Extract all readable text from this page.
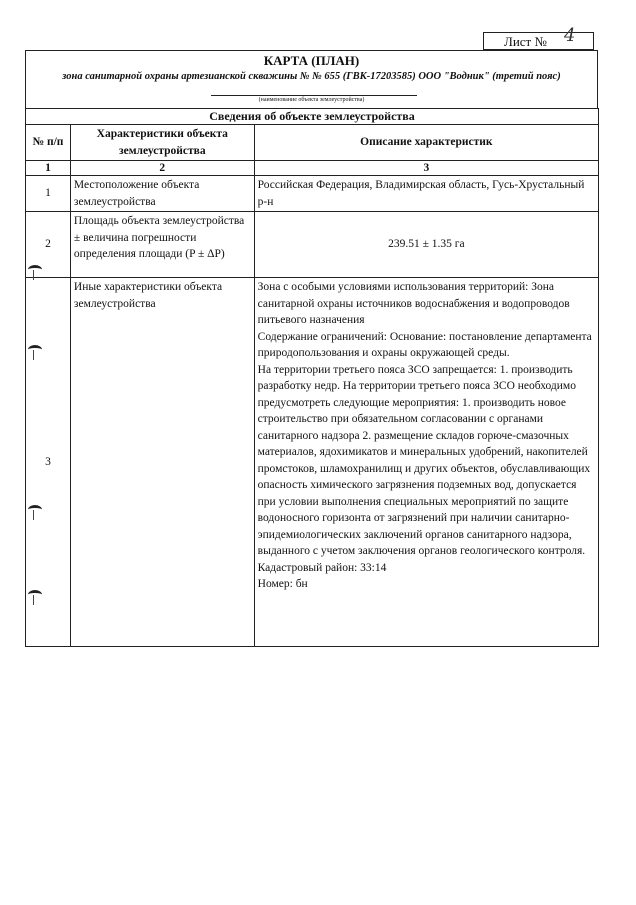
Лист № 4
КАРТА (ПЛАН)
зона санитарной охраны артезианской скважины № № 655 (ГВК-17203585) ООО "Водник" (третий пояс)
(наименование объекта землеустройства)
Сведения об объекте землеустройства		
№ п/п	Характеристики объекта землеустройства	Описание характеристик
1	2	3
1	Местоположение объекта землеустройства	Российская Федерация, Владимирская область, Гусь-Хрустальный р-н
2	Площадь объекта землеустройства ± величина погрешности определения площади (P ± ΔP)	239.51 ± 1.35 га
3	Иные характеристики объекта землеустройства	Зона с особыми условиями использования территорий: Зона санитарной охраны источников водоснабжения и водопроводов питьевого назначения
Содержание ограничений: Основание: постановление департамента природопользования и охраны окружающей среды.
На территории третьего пояса ЗСО запрещается: 1. производить разработку недр. На территории третьего пояса ЗСО необходимо предусмотреть следующие мероприятия: 1. производить новое строительство при обязательном согласовании с органами санитарного надзора 2. размещение складов горюче-смазочных материалов, ядохимикатов и минеральных удобрений, накопителей промстоков, шламохранилищ и других объектов, обуславливающих опасность химического загрязнения подземных вод, допускается при условии выполнения специальных мероприятий по защите водоносного горизонта от загрязнений при наличии санитарно-эпидемиологических заключений органов санитарного надзора, выданного с учетом заключения органов геологического контроля.
Кадастровый район: 33:14
Номер: бн
